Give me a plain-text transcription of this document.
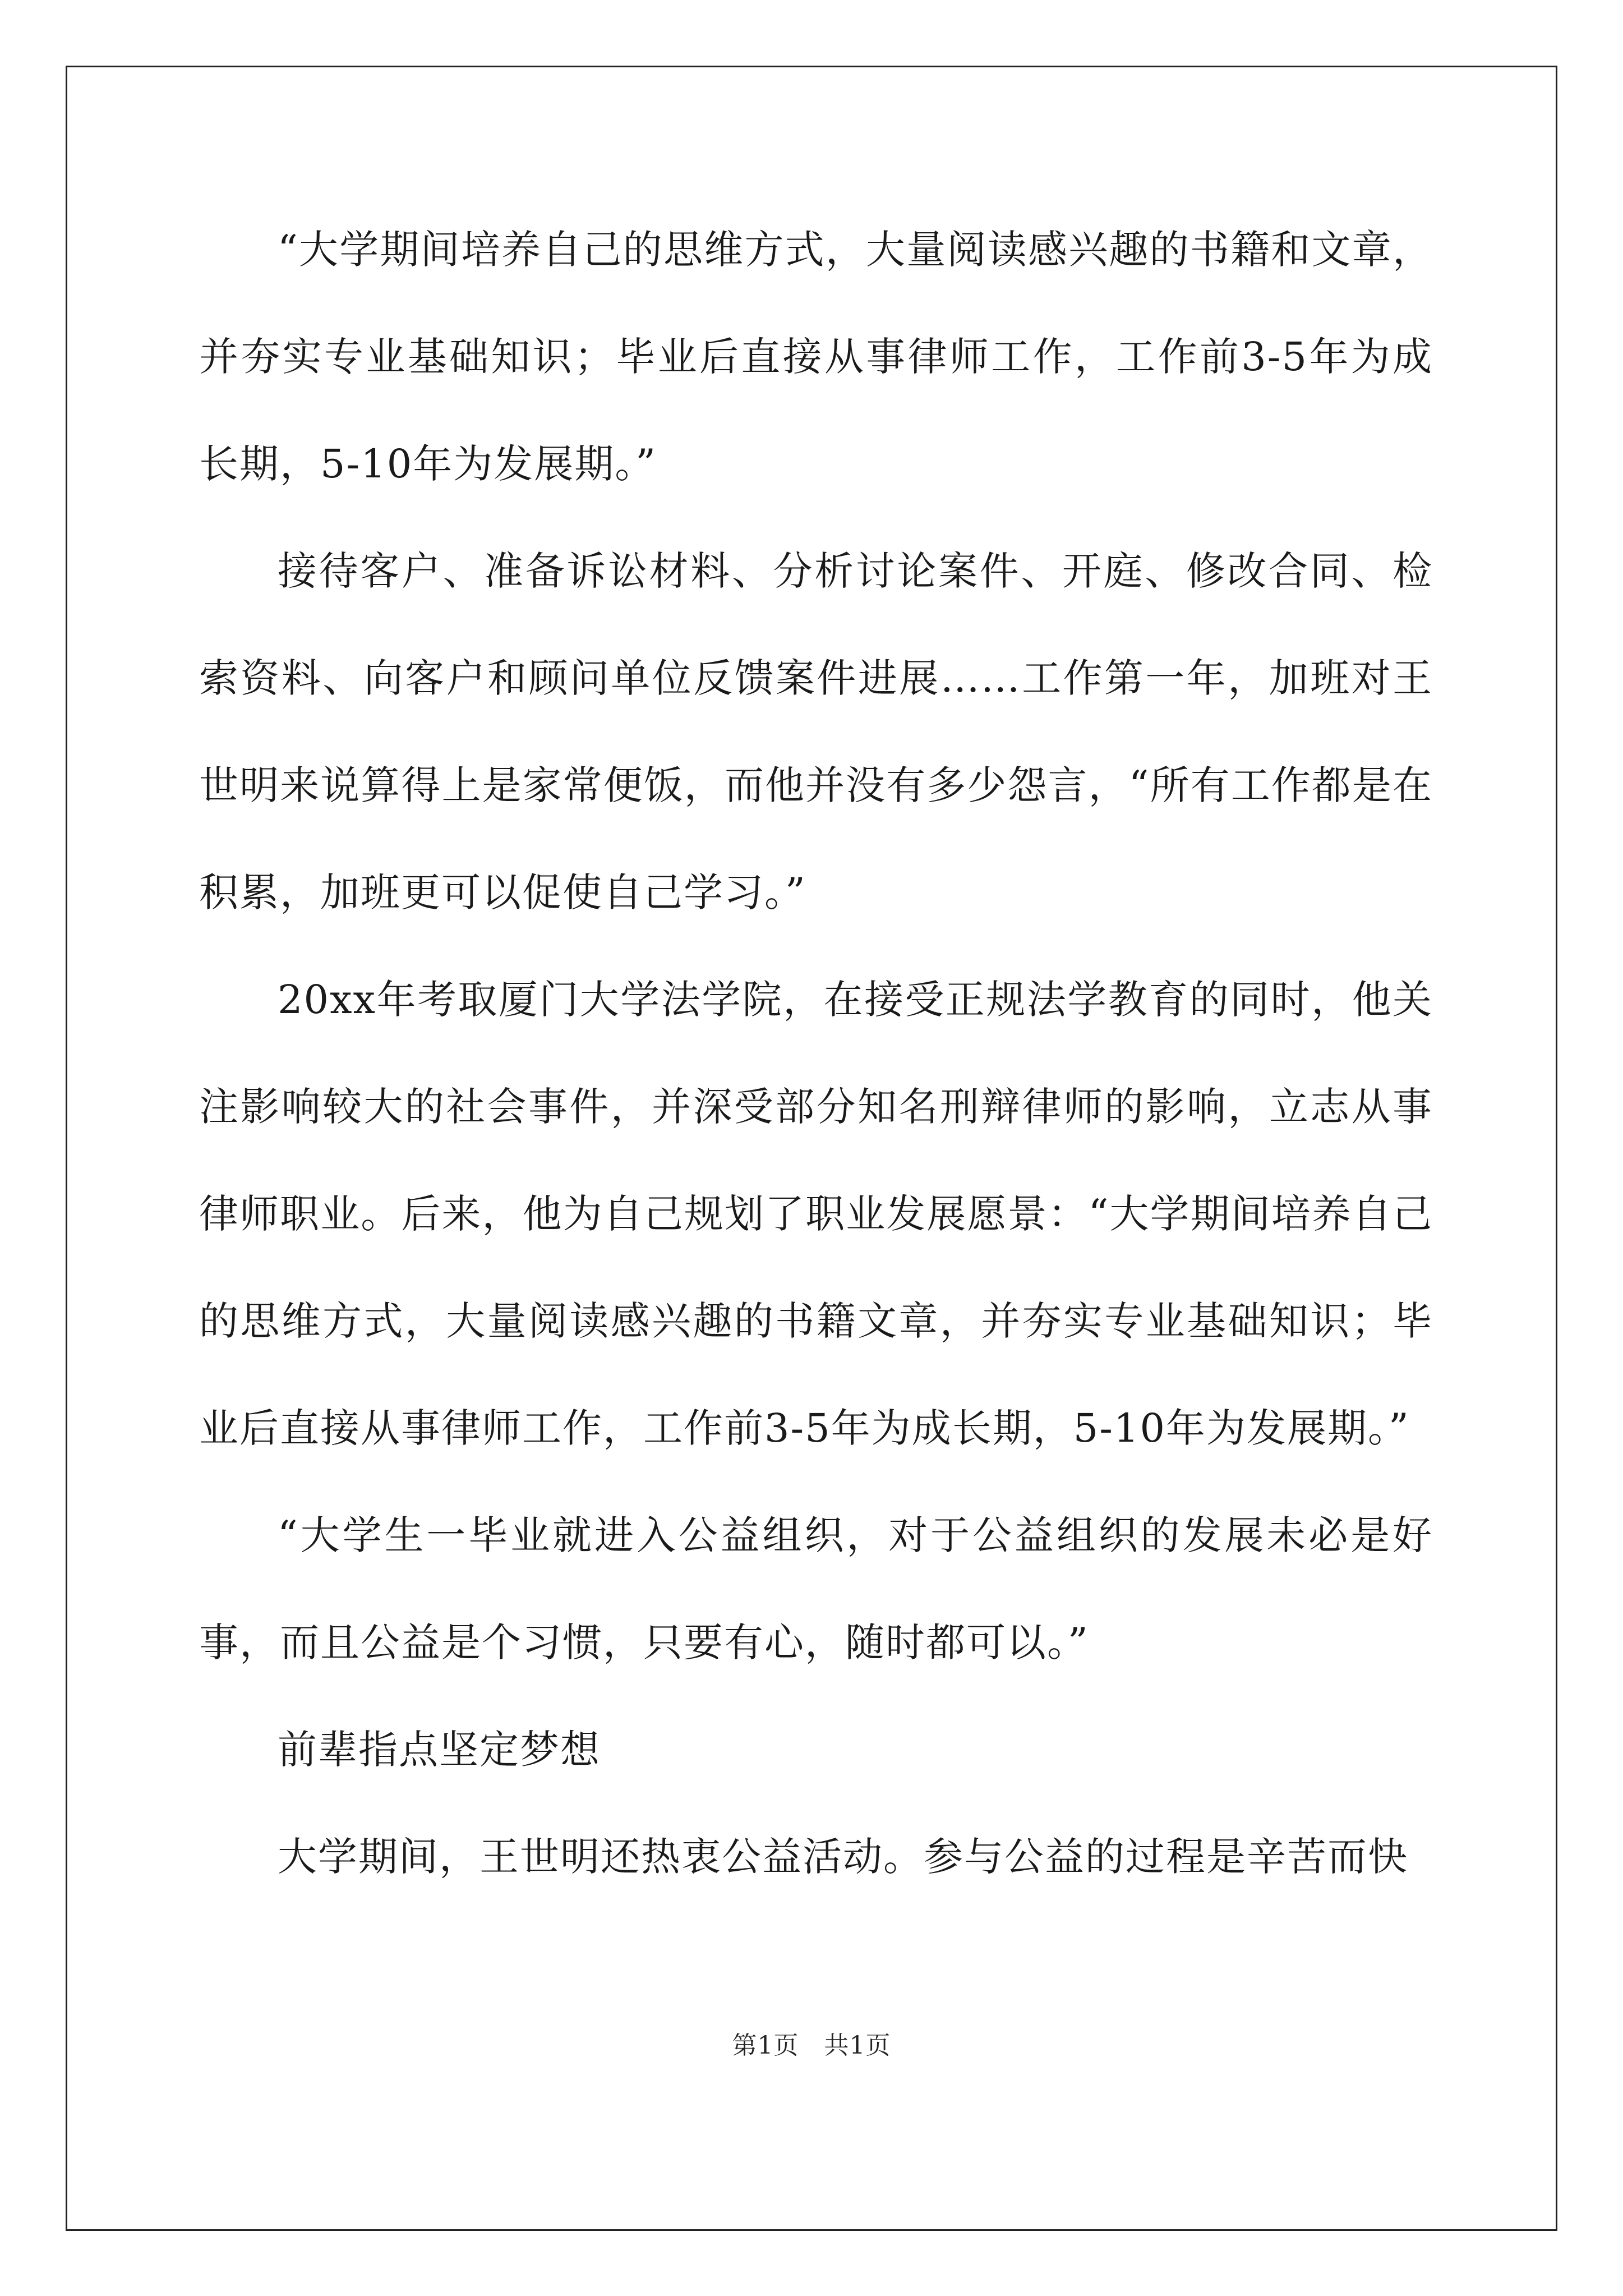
“大学期间培养自己的思维方式，大量阅读感兴趣的书籍和文章，并夯实专业基础知识；毕业后直接从事律师工作，工作前3-5年为成长期，5-10年为发展期。”

接待客户、准备诉讼材料、分析讨论案件、开庭、修改合同、检索资料、向客户和顾问单位反馈案件进展……工作第一年，加班对王世明来说算得上是家常便饭，而他并没有多少怨言，“所有工作都是在积累，加班更可以促使自己学习。”

20xx年考取厦门大学法学院，在接受正规法学教育的同时，他关注影响较大的社会事件，并深受部分知名刑辩律师的影响，立志从事律师职业。后来，他为自己规划了职业发展愿景：“大学期间培养自己的思维方式，大量阅读感兴趣的书籍文章，并夯实专业基础知识；毕业后直接从事律师工作，工作前3-5年为成长期，5-10年为发展期。”

“大学生一毕业就进入公益组织，对于公益组织的发展未必是好事，而且公益是个习惯，只要有心，随时都可以。”

前辈指点坚定梦想

大学期间，王世明还热衷公益活动。参与公益的过程是辛苦而快

第1页　共1页
